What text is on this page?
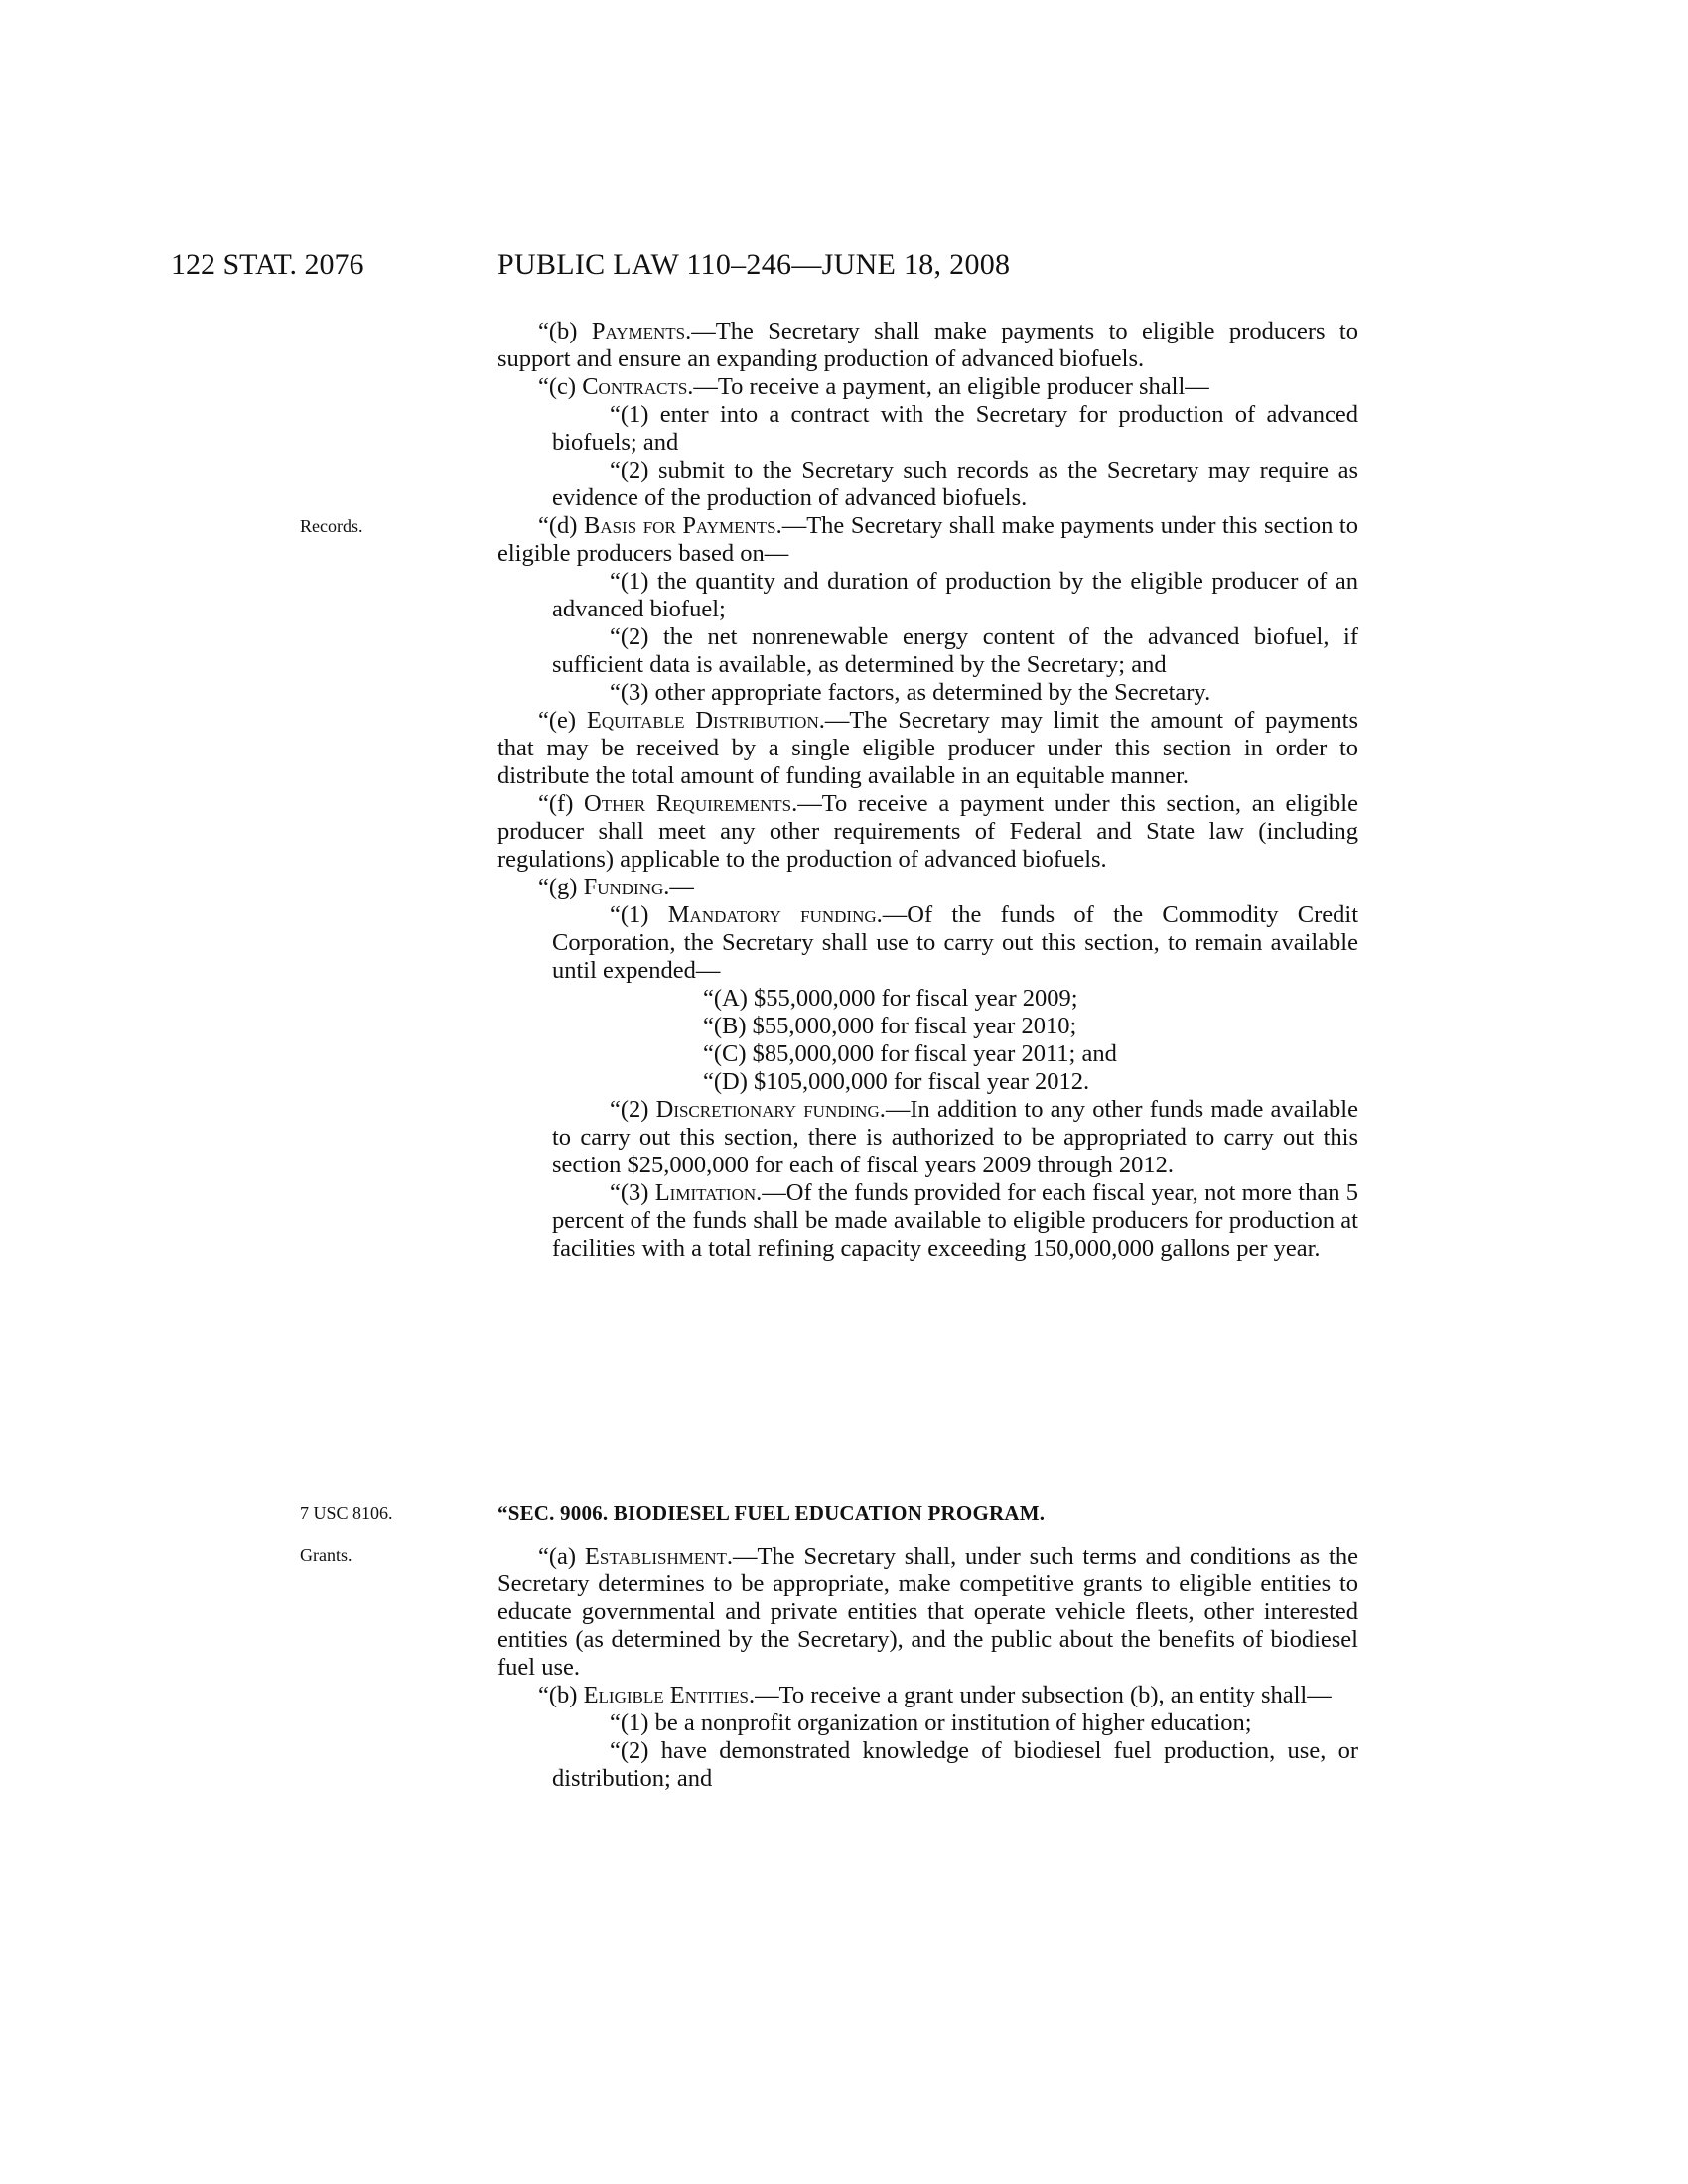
122 STAT. 2076	PUBLIC LAW 110–246—JUNE 18, 2008
Records.
7 USC 8106.
Grants.

“(b) Payments.—The Secretary shall make payments to eligible producers to support and ensure an expanding production of advanced biofuels.

“(c) Contracts.—To receive a payment, an eligible producer shall—

“(1) enter into a contract with the Secretary for production of advanced biofuels; and

“(2) submit to the Secretary such records as the Secretary may require as evidence of the production of advanced biofuels.

“(d) Basis for Payments.—The Secretary shall make payments under this section to eligible producers based on—

“(1) the quantity and duration of production by the eligible producer of an advanced biofuel;

“(2) the net nonrenewable energy content of the advanced biofuel, if sufficient data is available, as determined by the Secretary; and

“(3) other appropriate factors, as determined by the Secretary.

“(e) Equitable Distribution.—The Secretary may limit the amount of payments that may be received by a single eligible producer under this section in order to distribute the total amount of funding available in an equitable manner.

“(f) Other Requirements.—To receive a payment under this section, an eligible producer shall meet any other requirements of Federal and State law (including regulations) applicable to the production of advanced biofuels.

“(g) Funding.—

“(1) Mandatory funding.—Of the funds of the Commodity Credit Corporation, the Secretary shall use to carry out this section, to remain available until expended—

“(A) $55,000,000 for fiscal year 2009;

“(B) $55,000,000 for fiscal year 2010;

“(C) $85,000,000 for fiscal year 2011; and

“(D) $105,000,000 for fiscal year 2012.

“(2) Discretionary funding.—In addition to any other funds made available to carry out this section, there is authorized to be appropriated to carry out this section $25,000,000 for each of fiscal years 2009 through 2012.

“(3) Limitation.—Of the funds provided for each fiscal year, not more than 5 percent of the funds shall be made available to eligible producers for production at facilities with a total refining capacity exceeding 150,000,000 gallons per year.

“SEC. 9006. BIODIESEL FUEL EDUCATION PROGRAM.

“(a) Establishment.—The Secretary shall, under such terms and conditions as the Secretary determines to be appropriate, make competitive grants to eligible entities to educate governmental and private entities that operate vehicle fleets, other interested entities (as determined by the Secretary), and the public about the benefits of biodiesel fuel use.

“(b) Eligible Entities.—To receive a grant under subsection (b), an entity shall—

“(1) be a nonprofit organization or institution of higher education;

“(2) have demonstrated knowledge of biodiesel fuel production, use, or distribution; and
